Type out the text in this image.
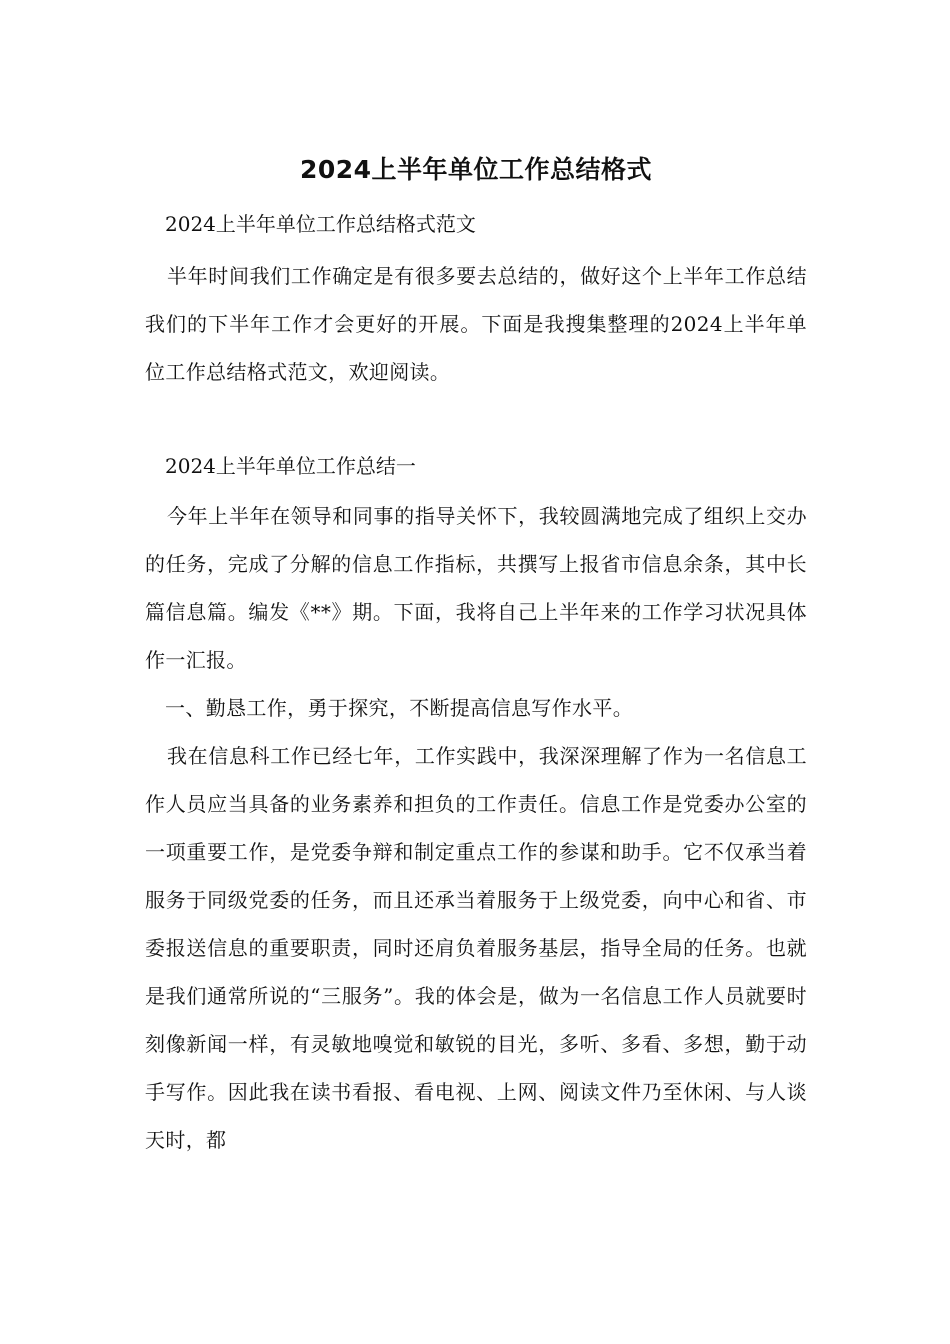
2024上半年单位工作总结格式
2024上半年单位工作总结格式范文

半年时间我们工作确定是有很多要去总结的，做好这个上半年工作总结我们的下半年工作才会更好的开展。下面是我搜集整理的2024上半年单位工作总结格式范文，欢迎阅读。

2024上半年单位工作总结一

今年上半年在领导和同事的指导关怀下，我较圆满地完成了组织上交办的任务，完成了分解的信息工作指标，共撰写上报省市信息余条，其中长篇信息篇。编发《**》期。下面，我将自己上半年来的工作学习状况具体作一汇报。

一、勤恳工作，勇于探究，不断提高信息写作水平。

我在信息科工作已经七年，工作实践中，我深深理解了作为一名信息工作人员应当具备的业务素养和担负的工作责任。信息工作是党委办公室的一项重要工作，是党委争辩和制定重点工作的参谋和助手。它不仅承当着服务于同级党委的任务，而且还承当着服务于上级党委，向中心和省、市委报送信息的重要职责，同时还肩负着服务基层，指导全局的任务。也就是我们通常所说的“三服务”。我的体会是，做为一名信息工作人员就要时刻像新闻一样，有灵敏地嗅觉和敏锐的目光，多听、多看、多想，勤于动手写作。因此我在读书看报、看电视、上网、阅读文件乃至休闲、与人谈天时，都
